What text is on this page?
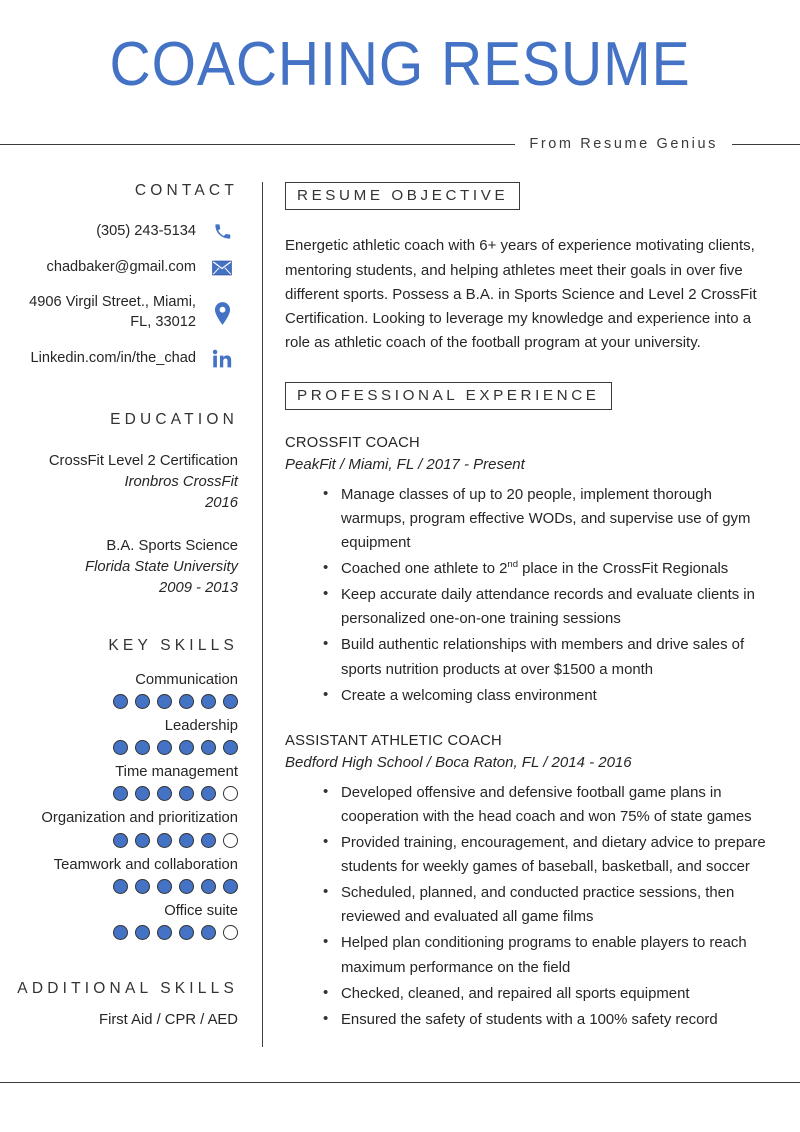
COACHING RESUME
From Resume Genius
CONTACT
(305) 243-5134
chadbaker@gmail.com
4906 Virgil Street., Miami, FL, 33012
Linkedin.com/in/the_chad
EDUCATION
CrossFit Level 2 Certification
Ironbros CrossFit
2016
B.A. Sports Science
Florida State University
2009 - 2013
KEY SKILLS
Communication
Leadership
Time management
Organization and prioritization
Teamwork and collaboration
Office suite
ADDITIONAL SKILLS
First Aid / CPR / AED
RESUME OBJECTIVE

Energetic athletic coach with 6+ years of experience motivating clients, mentoring students, and helping athletes meet their goals in over five different sports. Possess a B.A. in Sports Science and Level 2 CrossFit Certification. Looking to leverage my knowledge and experience into a role as athletic coach of the football program at your university.

PROFESSIONAL EXPERIENCE
CROSSFIT COACH
PeakFit / Miami, FL / 2017 - Present
• Manage classes of up to 20 people, implement thorough warmups, program effective WODs, and supervise use of gym equipment
• Coached one athlete to 2nd place in the CrossFit Regionals
• Keep accurate daily attendance records and evaluate clients in personalized one-on-one training sessions
• Build authentic relationships with members and drive sales of sports nutrition products at over $1500 a month
• Create a welcoming class environment
ASSISTANT ATHLETIC COACH
Bedford High School / Boca Raton, FL / 2014 - 2016
• Developed offensive and defensive football game plans in cooperation with the head coach and won 75% of state games
• Provided training, encouragement, and dietary advice to prepare students for weekly games of baseball, basketball, and soccer
• Scheduled, planned, and conducted practice sessions, then reviewed and evaluated all game films
• Helped plan conditioning programs to enable players to reach maximum performance on the field
• Checked, cleaned, and repaired all sports equipment
• Ensured the safety of students with a 100% safety record
